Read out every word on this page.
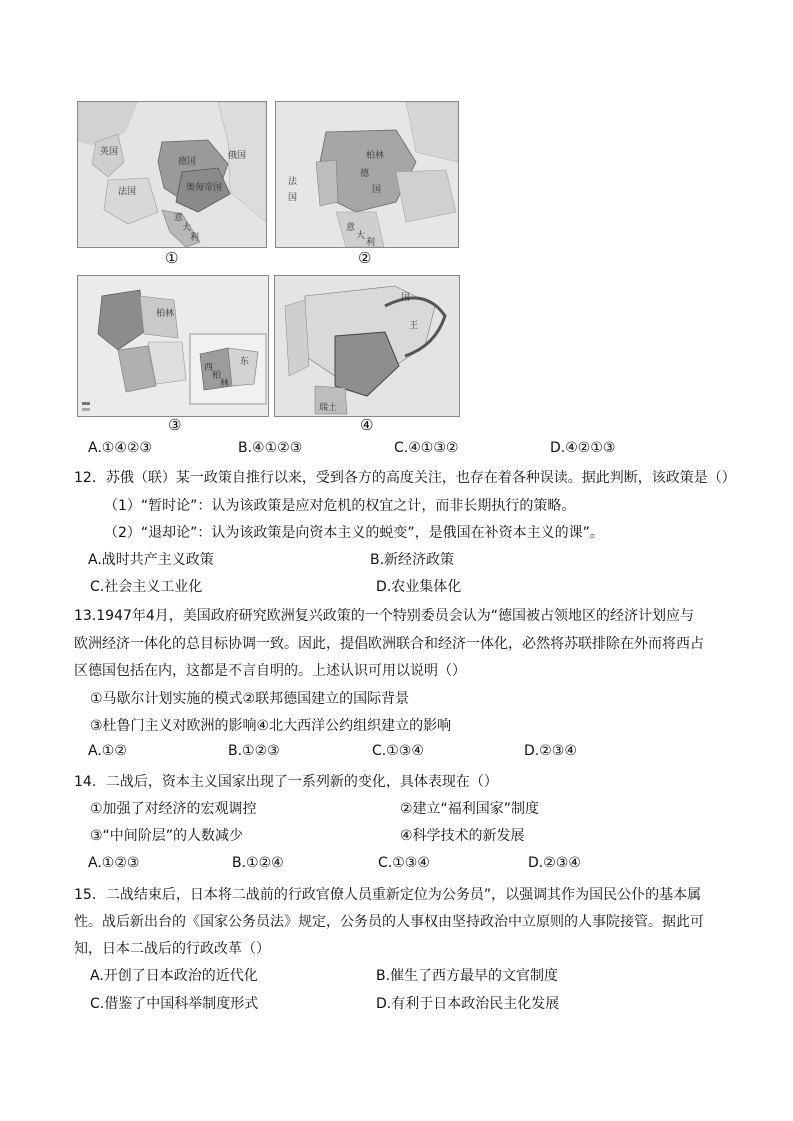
英国
德国
俄国
法国	奥匈帝国
意
大
利
①
柏林
德
国
法
国
意
大
利
②
柏林
西
柏
林
东
③
王
国
瑞士
④
A.①④②③	B.④①②③	C.④①③②	D.④②①③
12．苏俄（联）某一政策自推行以来，受到各方的高度关注，也存在着各种误读。据此判断，该政策是（）
（1）“暂时论”：认为该政策是应对危机的权宜之计，而非长期执行的策略。
（2）“退却论”：认为该政策是向资本主义的蜕变”，是俄国在补资本主义的课”。
A.战时共产主义政策	B.新经济政策
C.社会主义工业化	D.农业集体化
13.1947年4月，美国政府研究欧洲复兴政策的一个特别委员会认为“德国被占领地区的经济计划应与
欧洲经济一体化的总目标协调一致。因此，提倡欧洲联合和经济一体化，必然将苏联排除在外而将西占
区德国包括在内，这都是不言自明的。上述认识可用以说明（）
①马歇尔计划实施的模式②联邦德国建立的国际背景
③杜鲁门主义对欧洲的影响④北大西洋公约组织建立的影响
A.①②	B.①②③	C.①③④	D.②③④
14．二战后，资本主义国家出现了一系列新的变化，具体表现在（）
①加强了对经济的宏观调控	②建立“福利国家”制度
③“中间阶层”的人数减少	④科学技术的新发展
A.①②③	B.①②④	C.①③④	D.②③④
15．二战结束后，日本将二战前的行政官僚人员重新定位为公务员”，以强调其作为国民公仆的基本属
性。战后新出台的《国家公务员法》规定，公务员的人事权由坚持政治中立原则的人事院接管。据此可
知，日本二战后的行政改革（）
A.开创了日本政治的近代化	B.催生了西方最早的文官制度
C.借鉴了中国科举制度形式	D.有利于日本政治民主化发展
